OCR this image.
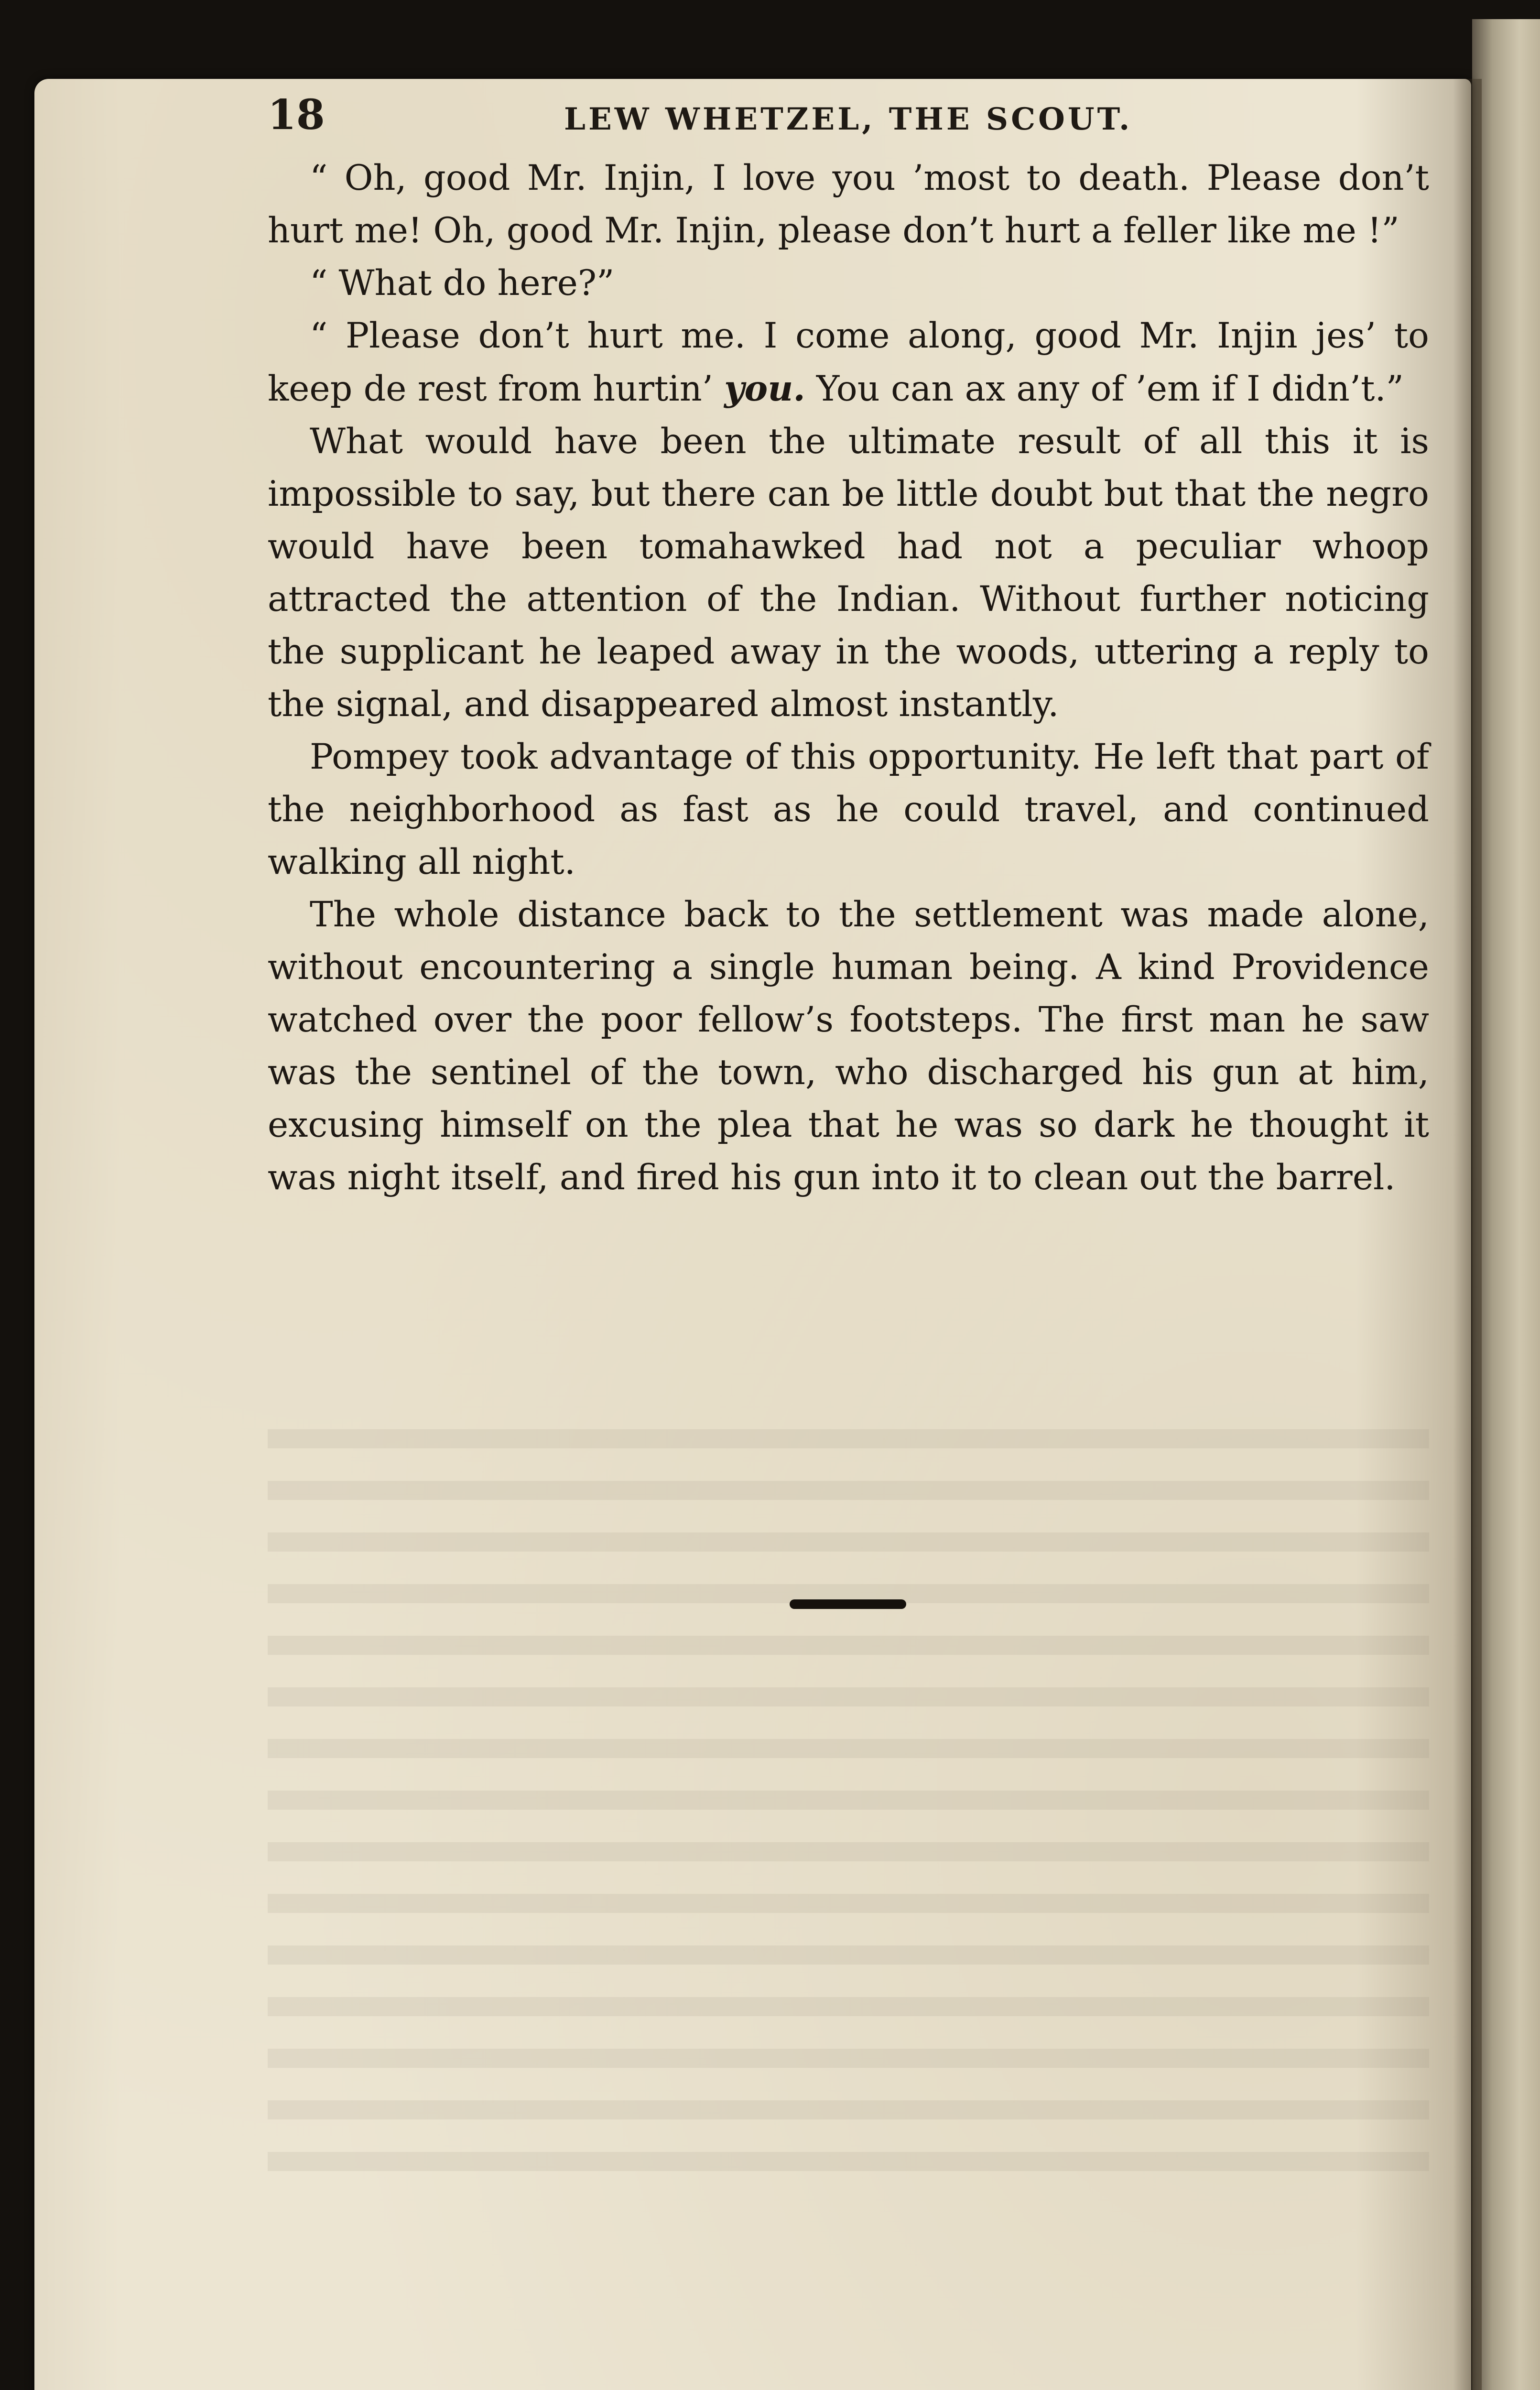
18	LEW WHETZEL, THE SCOUT.

“ Oh, good Mr. Injin, I love you ’most to death. Please don’t hurt me! Oh, good Mr. Injin, please don’t hurt a feller like me !”

“ What do here?”

“ Please don’t hurt me. I come along, good Mr. Injin jes’ to keep de rest from hurtin’ you. You can ax any of ’em if I didn’t.”

What would have been the ultimate result of all this it is impossible to say, but there can be little doubt but that the negro would have been tomahawked had not a peculiar whoop attracted the attention of the Indian. Without further noticing the supplicant he leaped away in the woods, uttering a reply to the signal, and disappeared almost instantly.

Pompey took advantage of this opportunity. He left that part of the neighborhood as fast as he could travel, and continued walking all night.

The whole distance back to the settlement was made alone, without encountering a single human being. A kind Providence watched over the poor fellow’s footsteps. The first man he saw was the sentinel of the town, who discharged his gun at him, excusing himself on the plea that he was so dark he thought it was night itself, and fired his gun into it to clean out the barrel.
